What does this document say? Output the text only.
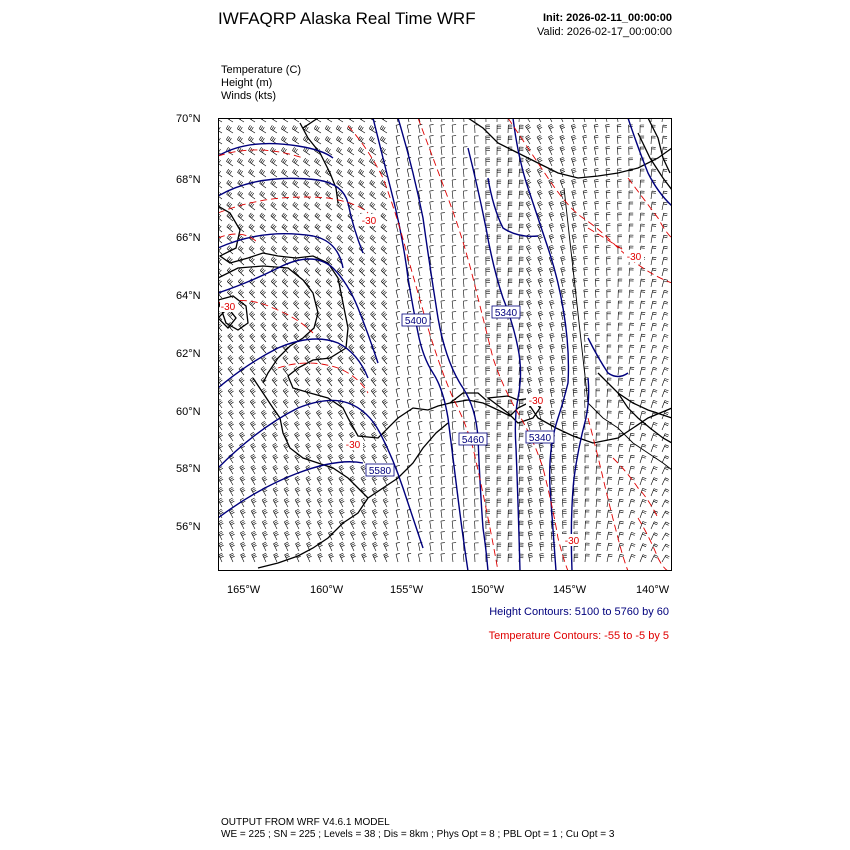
IWFAQRP Alaska Real Time WRF	Init: 2026-02-11_00:00:00
Valid: 2026-02-17_00:00:00
Temperature (C)
Height (m)
Winds (kts)
5400
5340
5460	5340
5580
-30
-30
-30
-30
-30
-30
70°N
68°N
66°N
64°N
62°N
60°N
58°N
56°N
165°W	160°W	155°W	150°W	145°W	140°W
Height Contours: 5100 to 5760 by 60
Temperature Contours: -55 to -5 by 5
OUTPUT FROM WRF V4.6.1 MODEL
WE = 225 ; SN = 225 ; Levels = 38 ; Dis = 8km ; Phys Opt = 8 ; PBL Opt = 1 ; Cu Opt = 3
